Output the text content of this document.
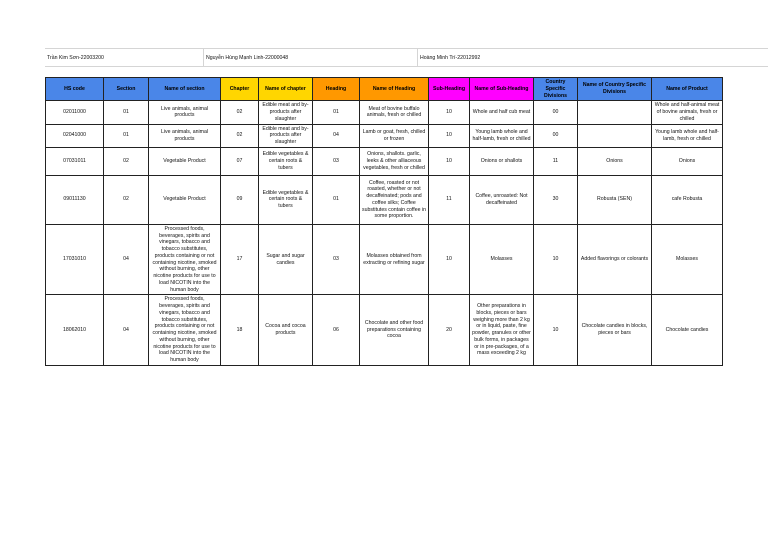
Trần Kim Sơn-22003200	Nguyễn Hùng Mạnh Linh-22000048	Hoàng Minh Trí-22012992
HS code	Section	Name of section	Chapter	Name of chapter	Heading	Name of Heading	Sub-Heading	Name of Sub-Heading	Country Specific Divisions	Name of Country Specific Divisions	Name of Product
02011000	01	Live animals, animal products	02	Edible meat and by-products after slaughter	01	Meat of bovine buffalo animals, fresh or chilled	10	Whole and half cub meat	00		Whole and half-animal meat of bovine animals, fresh or chilled
02041000	01	Live animals, animal products	02	Edible meat and by-products after slaughter	04	Lamb or goat, fresh, chilled or frozen	10	Young lamb whole and half-lamb, fresh or chilled	00		Young lamb whole and half-lamb, fresh or chilled
07031011	02	Vegetable Product	07	Edible vegetables & certain roots & tubers	03	Onions, shallots. garlic, leeks & other alliaceous vegetables, fresh or chilled	10	Onions or shallots	11	Onions	Onions
09011130	02	Vegetable Product	09	Edible vegetables & certain roots & tubers	01	Coffee, roasted or not roasted, whether or not decaffeinated; pods and coffee silks; Coffee substitutes contain coffee in some proportion.	11	Coffee, unroasted: Not decaffeinated	30	Robusta (SEN)	cafe Robusta
17031010	04	Processed foods, beverages, spirits and vinegars, tobacco and tobacco substitutes, products containing or not containing nicotine, smoked without burning, other nicotine products for use to load NICOTIN into the human body	17	Sugar and sugar candies	03	Molasses obtained from extracting or refining sugar	10	Molasses	10	Added flavorings or colorants	Molasses
18062010	04	Processed foods, beverages, spirits and vinegars, tobacco and tobacco substitutes, products containing or not containing nicotine, smoked without burning, other nicotine products for use to load NICOTIN into the human body	18	Cocoa and cocoa products	06	Chocolate and other food preparations containing cocoa	20	Other preparations in blocks, pieces or bars weighing more than 2 kg or in liquid, paste, fine powder, granules or other bulk forms, in packages or in pre-packages, of a mass exceeding 2 kg	10	Chocolate candies in blocks, pieces or bars	Chocolate candies
